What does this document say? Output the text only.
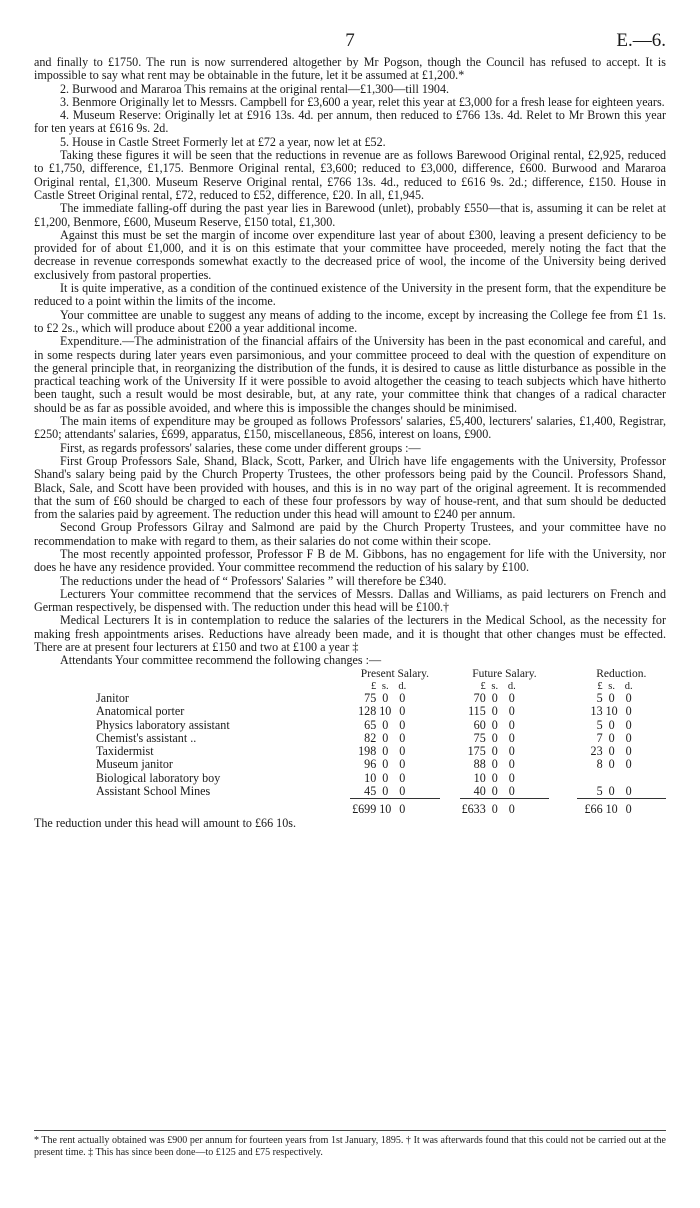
7	E.—6.

and finally to £1750. The run is now surrendered altogether by Mr Pogson, though the Council has refused to accept. It is impossible to say what rent may be obtainable in the future, let it be assumed at £1,200.*

2. Burwood and Mararoa This remains at the original rental—£1,300—till 1904.

3. Benmore Originally let to Messrs. Campbell for £3,600 a year, relet this year at £3,000 for a fresh lease for eighteen years.

4. Museum Reserve: Originally let at £916 13s. 4d. per annum, then reduced to £766 13s. 4d. Relet to Mr Brown this year for ten years at £616 9s. 2d.

5. House in Castle Street Formerly let at £72 a year, now let at £52.

Taking these figures it will be seen that the reductions in revenue are as follows Barewood Original rental, £2,925, reduced to £1,750, difference, £1,175. Benmore Original rental, £3,600; reduced to £3,000, difference, £600. Burwood and Mararoa Original rental, £1,300. Museum Reserve Original rental, £766 13s. 4d., reduced to £616 9s. 2d.; difference, £150. House in Castle Street Original rental, £72, reduced to £52, difference, £20. In all, £1,945.

The immediate falling-off during the past year lies in Barewood (unlet), probably £550—that is, assuming it can be relet at £1,200, Benmore, £600, Museum Reserve, £150 total, £1,300.

Against this must be set the margin of income over expenditure last year of about £300, leaving a present deficiency to be provided for of about £1,000, and it is on this estimate that your committee have proceeded, merely noting the fact that the decrease in revenue corresponds somewhat exactly to the decreased price of wool, the income of the University being derived exclusively from pastoral properties.

It is quite imperative, as a condition of the continued existence of the University in the present form, that the expenditure be reduced to a point within the limits of the income.

Your committee are unable to suggest any means of adding to the income, except by increasing the College fee from £1 1s. to £2 2s., which will produce about £200 a year additional income.

Expenditure.—The administration of the financial affairs of the University has been in the past economical and careful, and in some respects during later years even parsimonious, and your committee proceed to deal with the question of expenditure on the general principle that, in reorganizing the distribution of the funds, it is desired to cause as little disturbance as possible in the practical teaching work of the University If it were possible to avoid altogether the ceasing to teach subjects which have hitherto been taught, such a result would be most desirable, but, at any rate, your committee think that changes of a radical character should be as far as possible avoided, and where this is impossible the changes should be minimised.

The main items of expenditure may be grouped as follows Professors' salaries, £5,400, lecturers' salaries, £1,400, Registrar, £250; attendants' salaries, £699, apparatus, £150, miscellaneous, £856, interest on loans, £900.

First, as regards professors' salaries, these come under different groups :—

First Group Professors Sale, Shand, Black, Scott, Parker, and Ulrich have life engagements with the University, Professor Shand's salary being paid by the Church Property Trustees, the other professors being paid by the Council. Professors Shand, Black, Sale, and Scott have been provided with houses, and this is in no way part of the original agreement. It is recommended that the sum of £60 should be charged to each of these four professors by way of house-rent, and that sum should be deducted from the salaries paid by agreement. The reduction under this head will amount to £240 per annum.

Second Group Professors Gilray and Salmond are paid by the Church Property Trustees, and your committee have no recommendation to make with regard to them, as their salaries do not come within their scope.

The most recently appointed professor, Professor F B de M. Gibbons, has no engagement for life with the University, nor does he have any residence provided. Your committee recommend the reduction of his salary by £100.

The reductions under the head of “ Professors' Salaries ” will therefore be £340.

Lecturers Your committee recommend that the services of Messrs. Dallas and Williams, as paid lecturers on French and German respectively, be dispensed with. The reduction under this head will be £100.†

Medical Lecturers It is in contemplation to reduce the salaries of the lecturers in the Medical School, as the necessity for making fresh appointments arises. Reductions have already been made, and it is thought that other changes must be effected. There are at present four lecturers at £150 and two at £100 a year ‡

Attendants Your committee recommend the following changes :—

	Present Salary.		Future Salary.		Reduction.

	£ s. d.		£ s. d.		£ s. d.

Janitor	75 0 0		70 0 0		5 0 0

Anatomical porter	128 10 0		115 0 0		13 10 0

Physics laboratory assistant	65 0 0		60 0 0		5 0 0

Chemist's assistant ..	82 0 0		75 0 0		7 0 0

Taxidermist	198 0 0		175 0 0		23 0 0

Museum janitor	96 0 0		88 0 0		8 0 0

Biological laboratory boy	10 0 0		10 0 0		

Assistant School Mines	45 0 0		40 0 0		5 0 0

	£699 10 0		£633 0 0		£66 10 0

The reduction under this head will amount to £66 10s.

* The rent actually obtained was £900 per annum for fourteen years from 1st January, 1895. † It was afterwards found that this could not be carried out at the present time. ‡ This has since been done—to £125 and £75 respectively.
